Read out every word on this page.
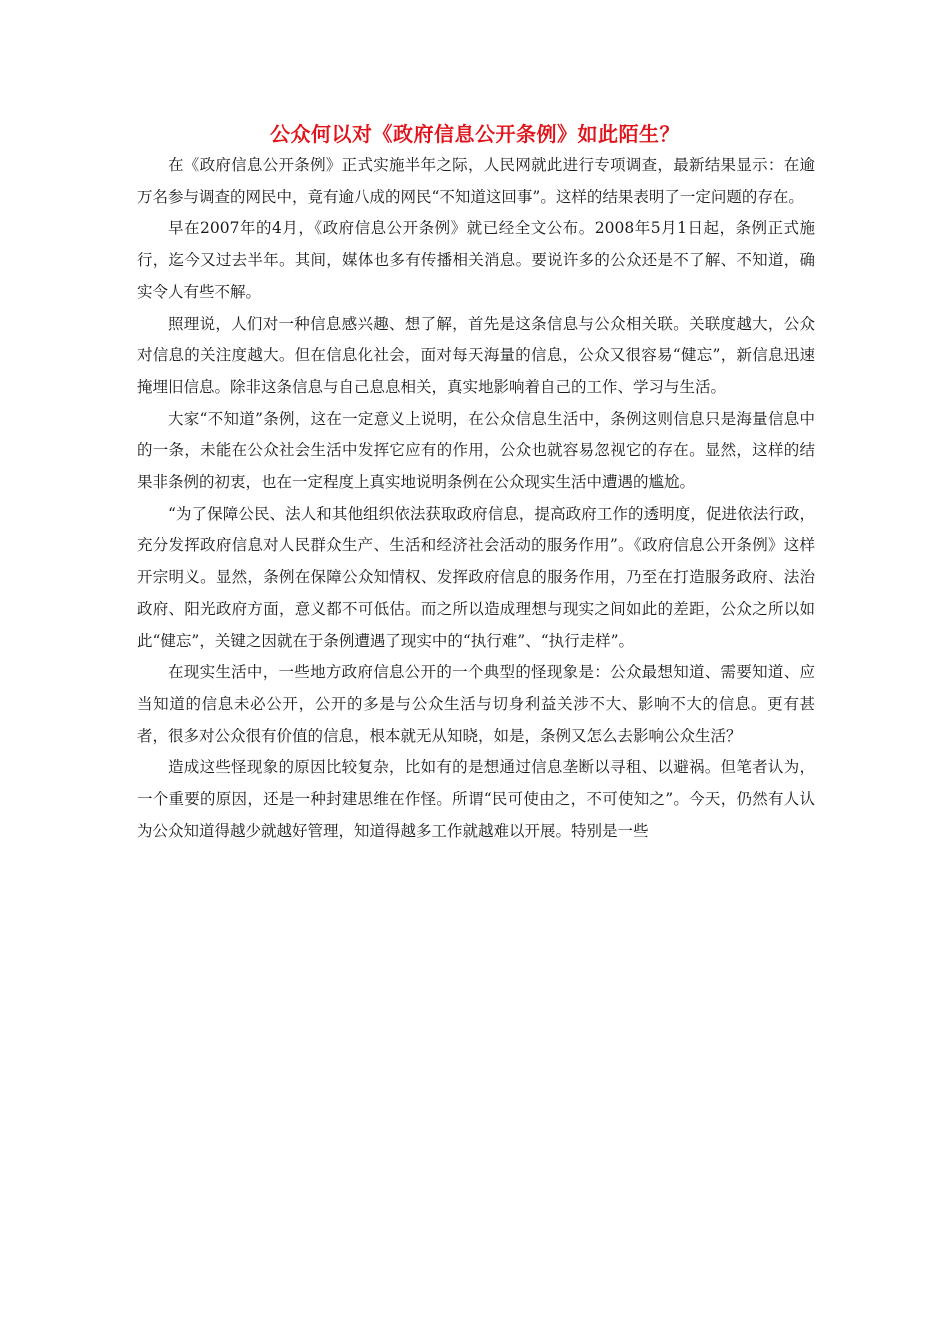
公众何以对《政府信息公开条例》如此陌生？

在《政府信息公开条例》正式实施半年之际，人民网就此进行专项调查，最新结果显示：在逾万名参与调查的网民中，竟有逾八成的网民“不知道这回事”。这样的结果表明了一定问题的存在。

早在2007年的4月，《政府信息公开条例》就已经全文公布。2008年5月1日起，条例正式施行，迄今又过去半年。其间，媒体也多有传播相关消息。要说许多的公众还是不了解、不知道，确实令人有些不解。

照理说，人们对一种信息感兴趣、想了解，首先是这条信息与公众相关联。关联度越大，公众对信息的关注度越大。但在信息化社会，面对每天海量的信息，公众又很容易“健忘”，新信息迅速掩埋旧信息。除非这条信息与自己息息相关，真实地影响着自己的工作、学习与生活。

大家“不知道”条例，这在一定意义上说明，在公众信息生活中，条例这则信息只是海量信息中的一条，未能在公众社会生活中发挥它应有的作用，公众也就容易忽视它的存在。显然，这样的结果非条例的初衷，也在一定程度上真实地说明条例在公众现实生活中遭遇的尴尬。

“为了保障公民、法人和其他组织依法获取政府信息，提高政府工作的透明度，促进依法行政，充分发挥政府信息对人民群众生产、生活和经济社会活动的服务作用”。《政府信息公开条例》这样开宗明义。显然，条例在保障公众知情权、发挥政府信息的服务作用，乃至在打造服务政府、法治政府、阳光政府方面，意义都不可低估。而之所以造成理想与现实之间如此的差距，公众之所以如此“健忘”，关键之因就在于条例遭遇了现实中的“执行难”、“执行走样”。

在现实生活中，一些地方政府信息公开的一个典型的怪现象是：公众最想知道、需要知道、应当知道的信息未必公开，公开的多是与公众生活与切身利益关涉不大、影响不大的信息。更有甚者，很多对公众很有价值的信息，根本就无从知晓，如是，条例又怎么去影响公众生活？

造成这些怪现象的原因比较复杂，比如有的是想通过信息垄断以寻租、以避祸。但笔者认为，一个重要的原因，还是一种封建思维在作怪。所谓“民可使由之，不可使知之”。今天，仍然有人认为公众知道得越少就越好管理，知道得越多工作就越难以开展。特别是一些
